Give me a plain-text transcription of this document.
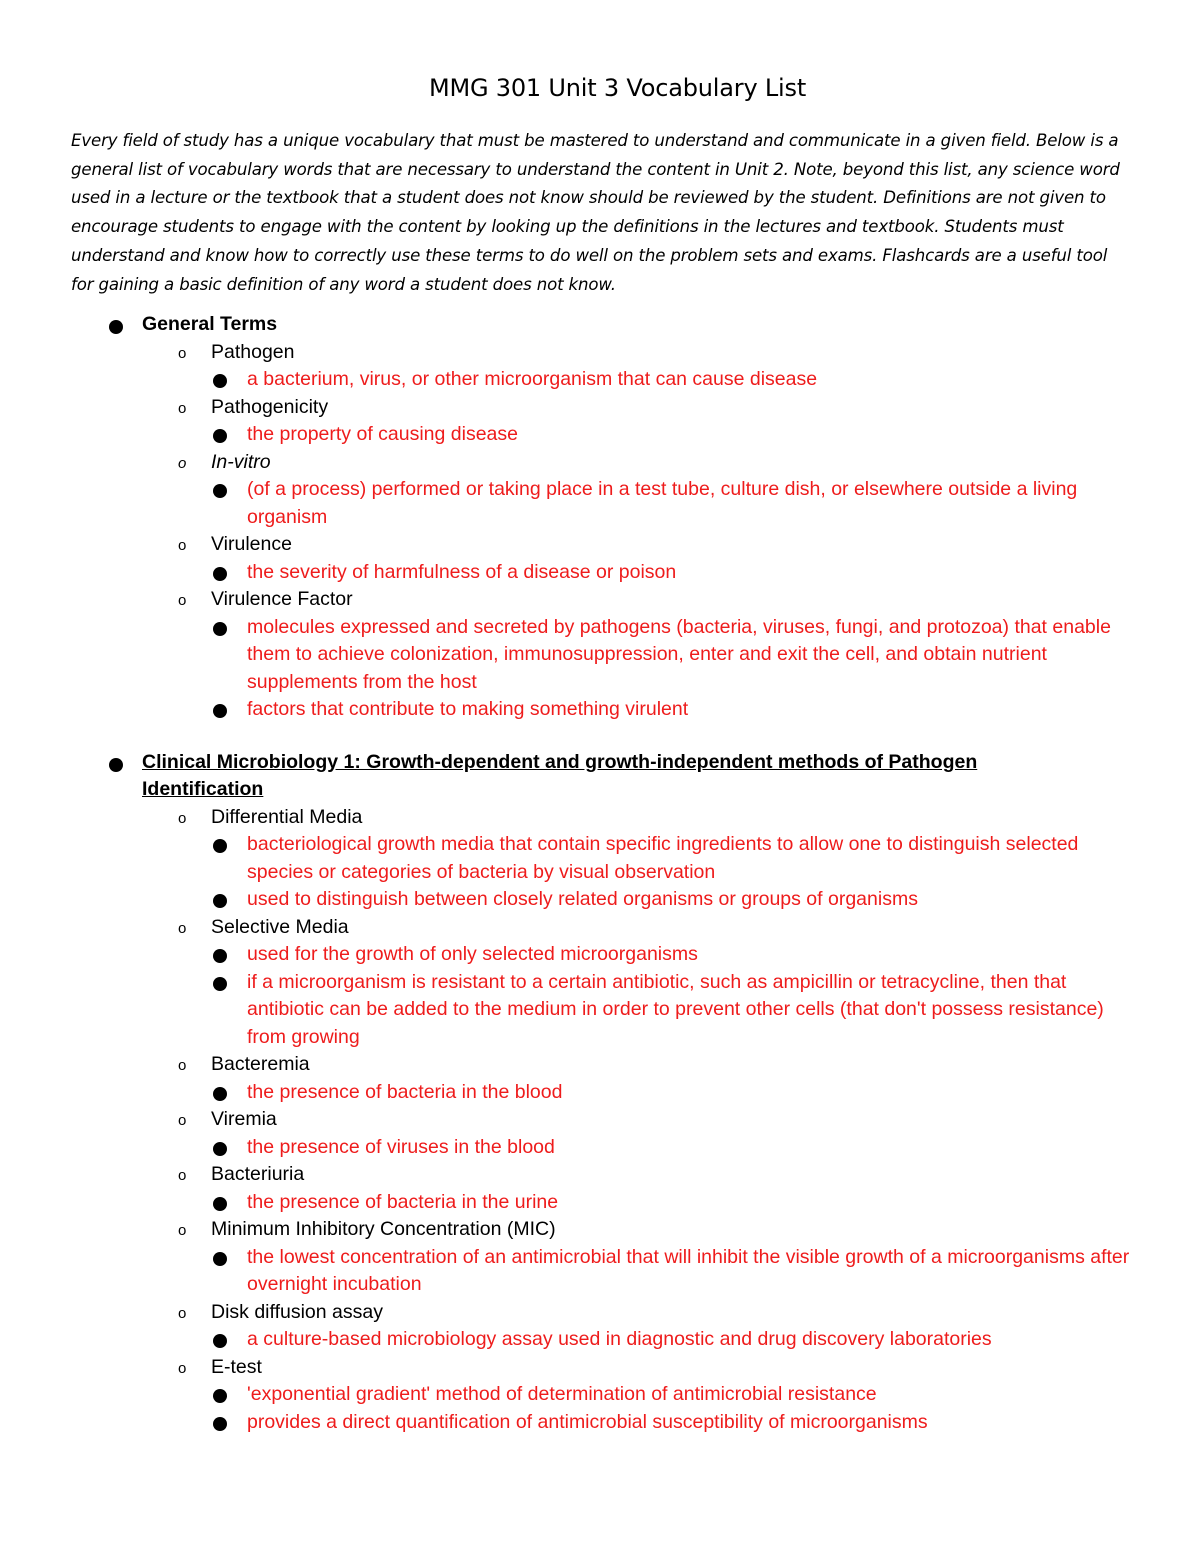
MMG 301 Unit 3 Vocabulary List
Every field of study has a unique vocabulary that must be mastered to understand and communicate in a given field. Below is a general list of vocabulary words that are necessary to understand the content in Unit 2. Note, beyond this list, any science word used in a lecture or the textbook that a student does not know should be reviewed by the student. Definitions are not given to encourage students to engage with the content by looking up the definitions in the lectures and textbook. Students must understand and know how to correctly use these terms to do well on the problem sets and exams. Flashcards are a useful tool for gaining a basic definition of any word a student does not know.
General Terms
o Pathogen
a bacterium, virus, or other microorganism that can cause disease
o Pathogenicity
the property of causing disease
o In-vitro
(of a process) performed or taking place in a test tube, culture dish, or elsewhere outside a living organism
o Virulence
the severity of harmfulness of a disease or poison
o Virulence Factor
molecules expressed and secreted by pathogens (bacteria, viruses, fungi, and protozoa) that enable them to achieve colonization, immunosuppression, enter and exit the cell, and obtain nutrient supplements from the host
factors that contribute to making something virulent
Clinical Microbiology 1: Growth-dependent and growth-independent methods of Pathogen Identification
o Differential Media
bacteriological growth media that contain specific ingredients to allow one to distinguish selected species or categories of bacteria by visual observation
used to distinguish between closely related organisms or groups of organisms
o Selective Media
used for the growth of only selected microorganisms
if a microorganism is resistant to a certain antibiotic, such as ampicillin or tetracycline, then that antibiotic can be added to the medium in order to prevent other cells (that don't possess resistance) from growing
o Bacteremia
the presence of bacteria in the blood
o Viremia
the presence of viruses in the blood
o Bacteriuria
the presence of bacteria in the urine
o Minimum Inhibitory Concentration (MIC)
the lowest concentration of an antimicrobial that will inhibit the visible growth of a microorganisms after overnight incubation
o Disk diffusion assay
a culture-based microbiology assay used in diagnostic and drug discovery laboratories
o E-test
'exponential gradient' method of determination of antimicrobial resistance
provides a direct quantification of antimicrobial susceptibility of microorganisms
